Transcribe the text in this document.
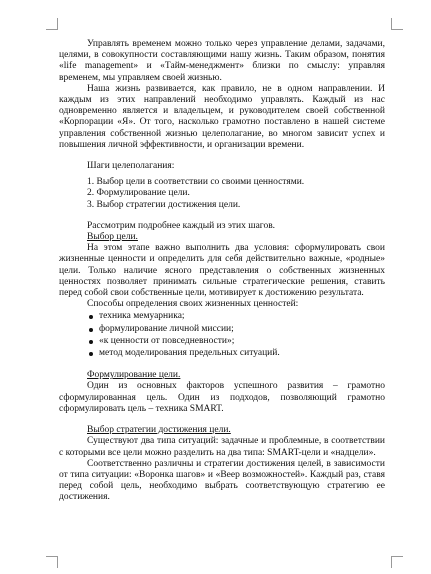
Управлять временем можно только через управление делами, задачами, целями, в совокупности составляющими нашу жизнь. Таким образом, понятия «life management» и «Тайм-менеджмент» близки по смыслу: управляя временем, мы управляем своей жизнью.

Наша жизнь развивается, как правило, не в одном направлении. И каждым из этих направлений необходимо управлять. Каждый из нас одновременно является и владельцем, и руководителем своей собственной «Корпорации «Я». От того, насколько грамотно поставлено в нашей системе управления собственной жизнью целеполагание, во многом зависит успех и повышения личной эффективности, и организации времени.

Шаги целеполагания:
1. Выбор цели в соответствии со своими ценностями.
2. Формулирование цели.
3. Выбор стратегии достижения цели.
Рассмотрим подробнее каждый из этих шагов.
Выбор цели.

На этом этапе важно выполнить два условия: сформулировать свои жизненные ценности и определить для себя действительно важные, «родные» цели. Только наличие ясного представления о собственных жизненных ценностях позволяет принимать сильные стратегические решения, ставить перед собой свои собственные цели, мотивирует к достижению результата.

Способы определения своих жизненных ценностей:
техника мемуарника;
формулирование личной миссии;
«к ценности от повседневности»;
метод моделирования предельных ситуаций.
Формулирование цели.

Один из основных факторов успешного развития – грамотно сформулированная цель. Один из подходов, позволяющий грамотно сформулировать цель – техника SMART.

Выбор стратегии достижения цели.

Существуют два типа ситуаций: задачные и проблемные, в соответствии с которыми все цели можно разделить на два типа: SMART-цели и «надцели».

Соответственно различны и стратегии достижения целей, в зависимости от типа ситуации: «Воронка шагов» и «Веер возможностей». Каждый раз, ставя перед собой цель, необходимо выбрать соответствующую стратегию ее достижения.
